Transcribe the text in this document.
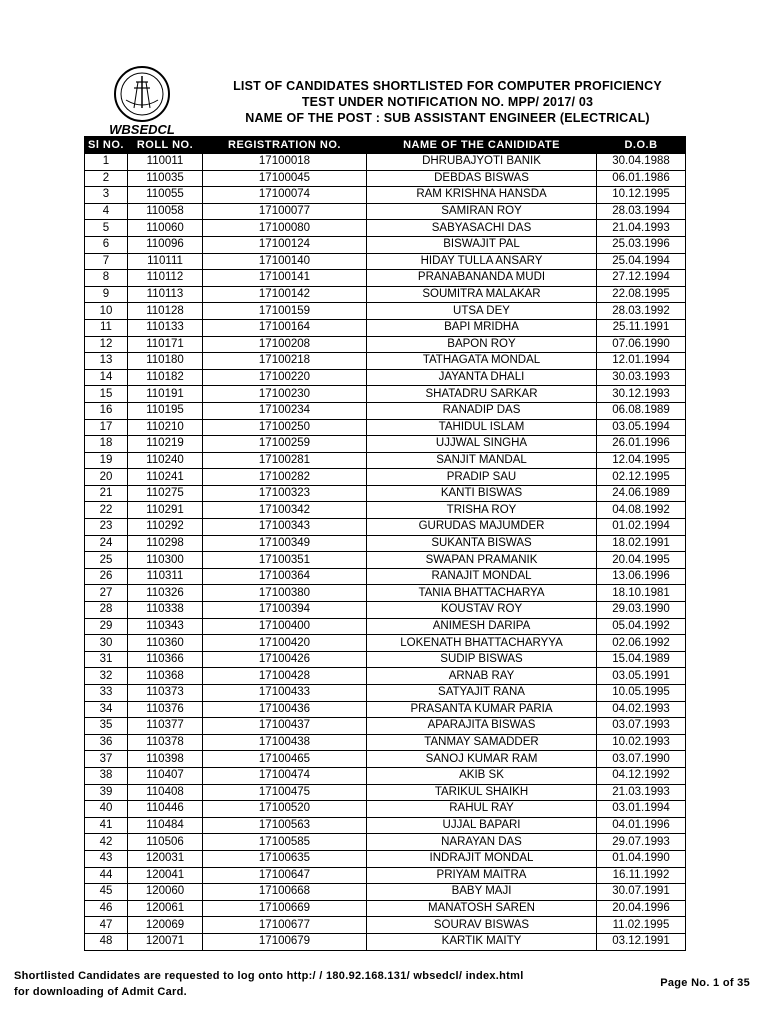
WBSEDCL
LIST OF CANDIDATES SHORTLISTED FOR COMPUTER PROFICIENCY
TEST UNDER NOTIFICATION NO. MPP/ 2017/ 03
NAME OF THE POST : SUB ASSISTANT ENGINEER (ELECTRICAL)
Sl NO.	ROLL NO.	REGISTRATION NO.	NAME OF THE CANIDIDATE	D.O.B
1	110011	17100018	DHRUBAJYOTI BANIK	30.04.1988
2	110035	17100045	DEBDAS BISWAS	06.01.1986
3	110055	17100074	RAM KRISHNA HANSDA	10.12.1995
4	110058	17100077	SAMIRAN ROY	28.03.1994
5	110060	17100080	SABYASACHI DAS	21.04.1993
6	110096	17100124	BISWAJIT PAL	25.03.1996
7	110111	17100140	HIDAY TULLA ANSARY	25.04.1994
8	110112	17100141	PRANABANANDA MUDI	27.12.1994
9	110113	17100142	SOUMITRA MALAKAR	22.08.1995
10	110128	17100159	UTSA DEY	28.03.1992
11	110133	17100164	BAPI MRIDHA	25.11.1991
12	110171	17100208	BAPON ROY	07.06.1990
13	110180	17100218	TATHAGATA MONDAL	12.01.1994
14	110182	17100220	JAYANTA DHALI	30.03.1993
15	110191	17100230	SHATADRU SARKAR	30.12.1993
16	110195	17100234	RANADIP DAS	06.08.1989
17	110210	17100250	TAHIDUL ISLAM	03.05.1994
18	110219	17100259	UJJWAL SINGHA	26.01.1996
19	110240	17100281	SANJIT MANDAL	12.04.1995
20	110241	17100282	PRADIP SAU	02.12.1995
21	110275	17100323	KANTI BISWAS	24.06.1989
22	110291	17100342	TRISHA ROY	04.08.1992
23	110292	17100343	GURUDAS MAJUMDER	01.02.1994
24	110298	17100349	SUKANTA BISWAS	18.02.1991
25	110300	17100351	SWAPAN PRAMANIK	20.04.1995
26	110311	17100364	RANAJIT MONDAL	13.06.1996
27	110326	17100380	TANIA BHATTACHARYA	18.10.1981
28	110338	17100394	KOUSTAV ROY	29.03.1990
29	110343	17100400	ANIMESH DARIPA	05.04.1992
30	110360	17100420	LOKENATH BHATTACHARYYA	02.06.1992
31	110366	17100426	SUDIP BISWAS	15.04.1989
32	110368	17100428	ARNAB RAY	03.05.1991
33	110373	17100433	SATYAJIT RANA	10.05.1995
34	110376	17100436	PRASANTA KUMAR PARIA	04.02.1993
35	110377	17100437	APARAJITA BISWAS	03.07.1993
36	110378	17100438	TANMAY SAMADDER	10.02.1993
37	110398	17100465	SANOJ KUMAR RAM	03.07.1990
38	110407	17100474	AKIB SK	04.12.1992
39	110408	17100475	TARIKUL SHAIKH	21.03.1993
40	110446	17100520	RAHUL RAY	03.01.1994
41	110484	17100563	UJJAL BAPARI	04.01.1996
42	110506	17100585	NARAYAN DAS	29.07.1993
43	120031	17100635	INDRAJIT MONDAL	01.04.1990
44	120041	17100647	PRIYAM MAITRA	16.11.1992
45	120060	17100668	BABY MAJI	30.07.1991
46	120061	17100669	MANATOSH SAREN	20.04.1996
47	120069	17100677	SOURAV BISWAS	11.02.1995
48	120071	17100679	KARTIK MAITY	03.12.1991
Shortlisted Candidates are requested to log onto http:/ / 180.92.168.131/ wbsedcl/ index.html
for downloading of Admit Card.
Page No. 1 of 35
